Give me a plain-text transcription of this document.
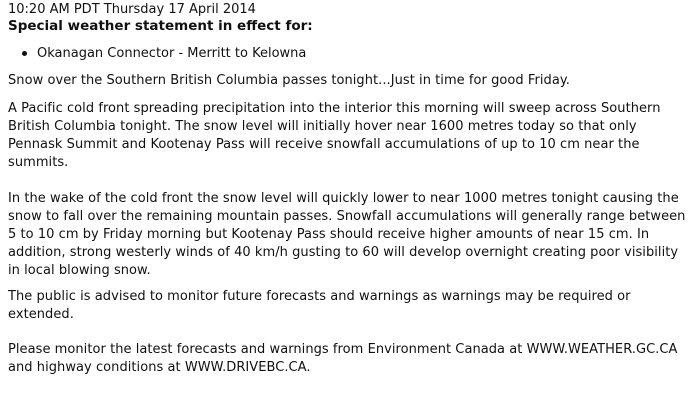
10:20 AM PDT Thursday 17 April 2014
Special weather statement in effect for:
Okanagan Connector - Merritt to Kelowna

Snow over the Southern British Columbia passes tonight...Just in time for good Friday.

A Pacific cold front spreading precipitation into the interior this morning will sweep across Southern British Columbia tonight. The snow level will initially hover near 1600 metres today so that only Pennask Summit and Kootenay Pass will receive snowfall accumulations of up to 10 cm near the summits.

In the wake of the cold front the snow level will quickly lower to near 1000 metres tonight causing the snow to fall over the remaining mountain passes. Snowfall accumulations will generally range between 5 to 10 cm by Friday morning but Kootenay Pass should receive higher amounts of near 15 cm. In addition, strong westerly winds of 40 km/h gusting to 60 will develop overnight creating poor visibility in local blowing snow.

The public is advised to monitor future forecasts and warnings as warnings may be required or extended.

Please monitor the latest forecasts and warnings from Environment Canada at WWW.WEATHER.GC.CA and highway conditions at WWW.DRIVEBC.CA.
